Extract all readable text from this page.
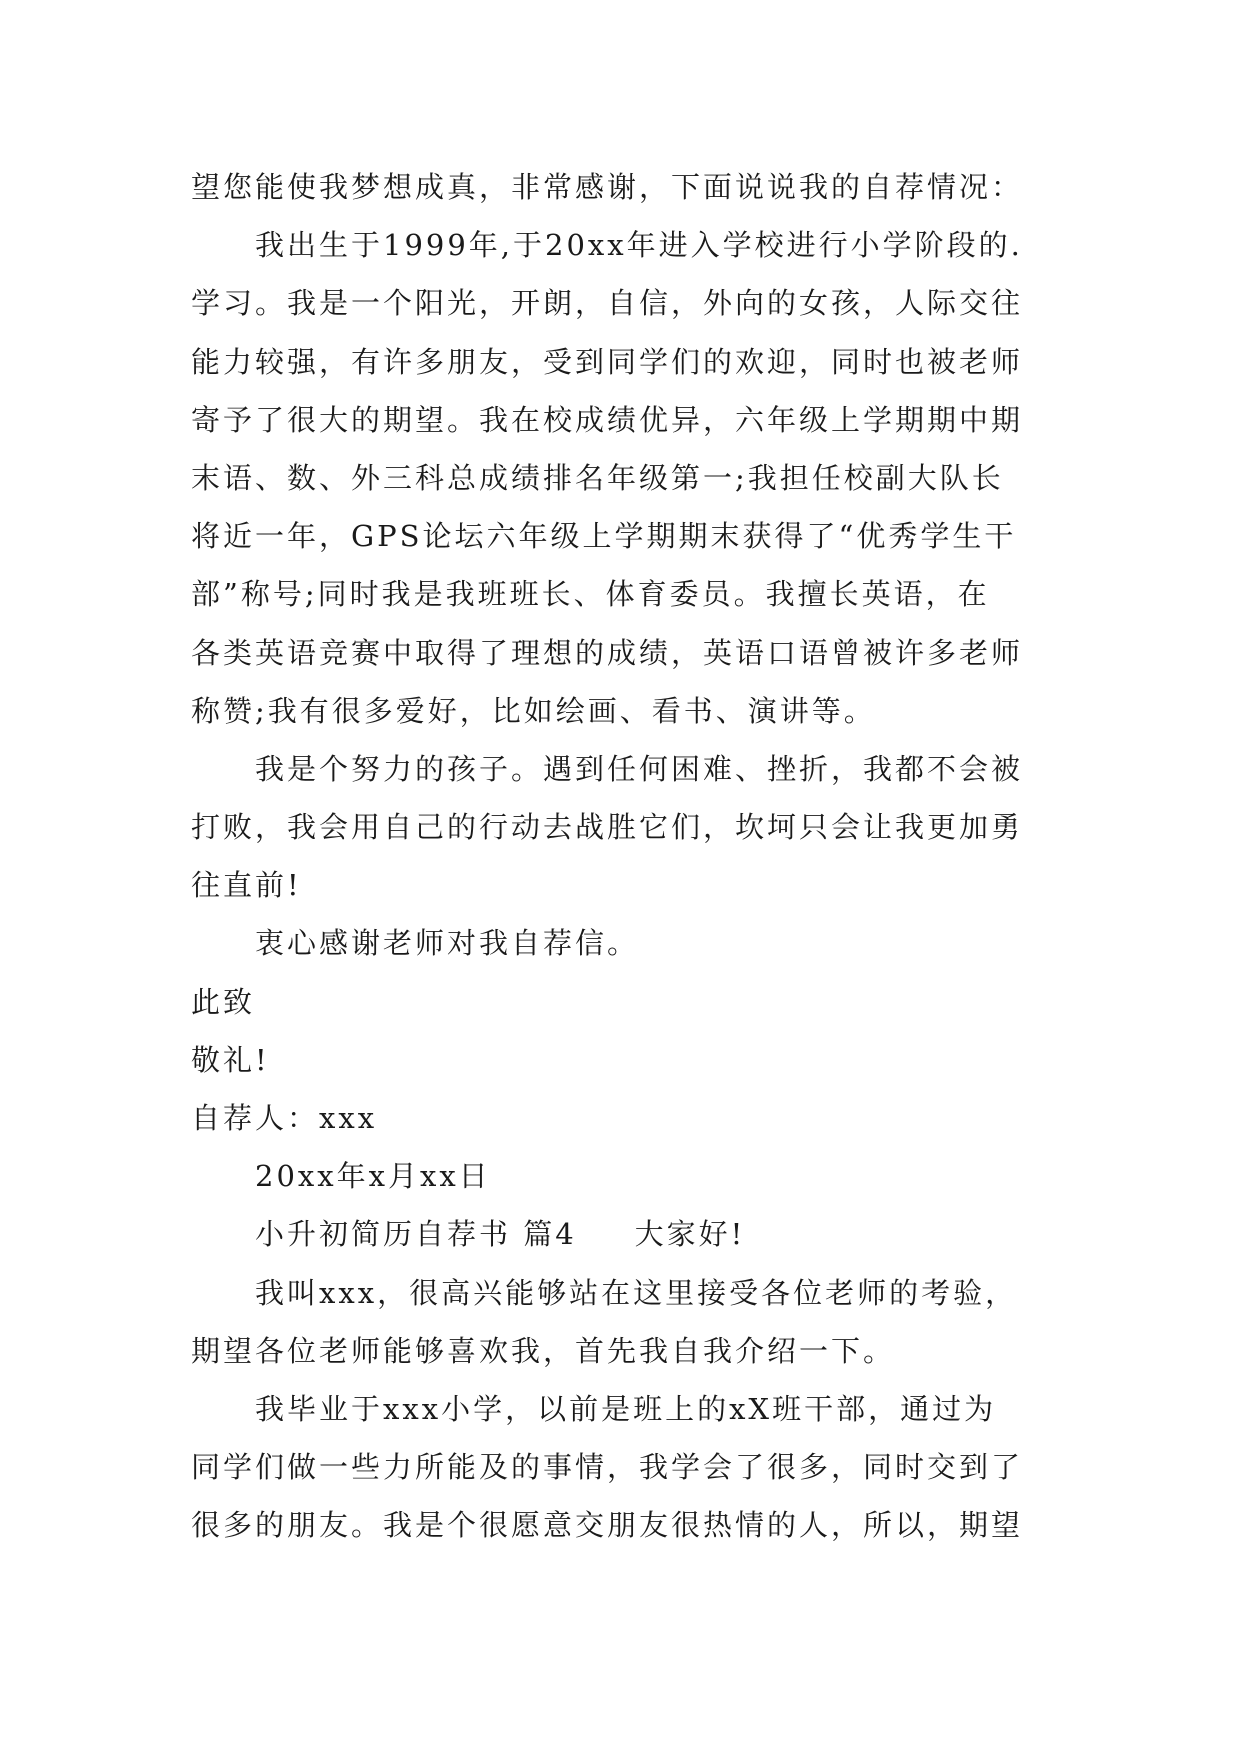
望您能使我梦想成真，非常感谢，下面说说我的自荐情况：
我出生于1999年,于20xx年进入学校进行小学阶段的.
学习。我是一个阳光，开朗，自信，外向的女孩，人际交往
能力较强，有许多朋友，受到同学们的欢迎，同时也被老师
寄予了很大的期望。我在校成绩优异，六年级上学期期中期
末语、数、外三科总成绩排名年级第一;我担任校副大队长
将近一年，GPS论坛六年级上学期期末获得了“优秀学生干
部”称号;同时我是我班班长、体育委员。我擅长英语，在
各类英语竞赛中取得了理想的成绩，英语口语曾被许多老师
称赞;我有很多爱好，比如绘画、看书、演讲等。
我是个努力的孩子。遇到任何困难、挫折，我都不会被
打败，我会用自己的行动去战胜它们，坎坷只会让我更加勇
往直前!
衷心感谢老师对我自荐信。
此致
敬礼!
自荐人：xxx
20xx年x月xx日
小升初简历自荐书 篇4 大家好!
我叫xxx，很高兴能够站在这里接受各位老师的考验，
期望各位老师能够喜欢我，首先我自我介绍一下。
我毕业于xxx小学，以前是班上的xX班干部，通过为
同学们做一些力所能及的事情，我学会了很多，同时交到了
很多的朋友。我是个很愿意交朋友很热情的人，所以，期望
